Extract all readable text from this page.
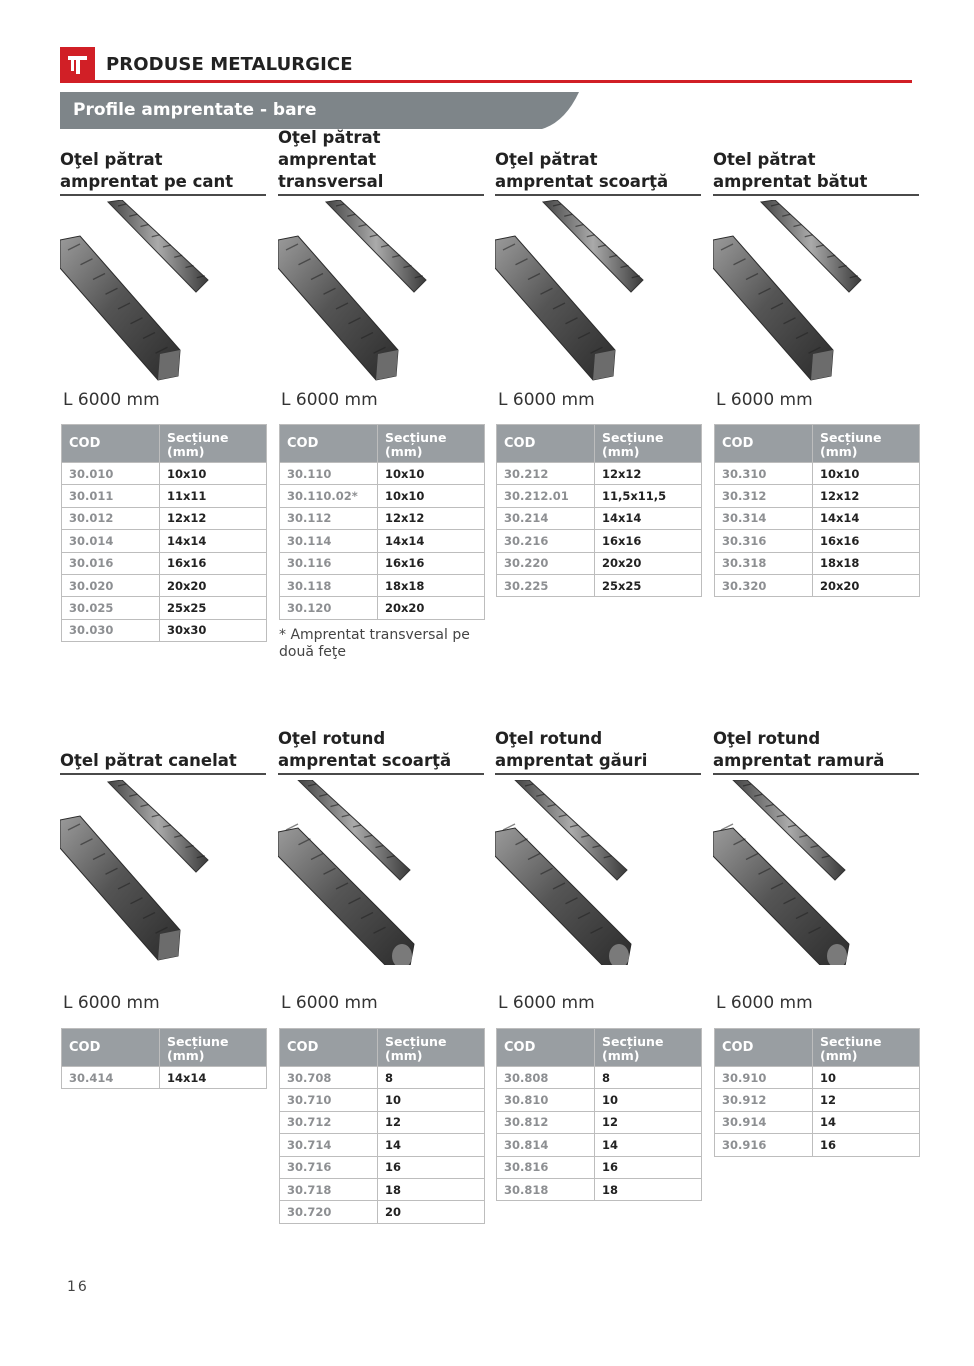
PRODUSE METALURGICE
Profile amprentate - bare
Oţel pătrat amprentat pe cant
L 6000 mm
COD	Secțiune (mm)
30.010	10x10
30.011	11x11
30.012	12x12
30.014	14x14
30.016	16x16
30.020	20x20
30.025	25x25
30.030	30x30
Oţel pătrat amprentat transversal
L 6000 mm
COD	Secțiune (mm)
30.110	10x10
30.110.02*	10x10
30.112	12x12
30.114	14x14
30.116	16x16
30.118	18x18
30.120	20x20
* Amprentat transversal pe două feţe
Oţel pătrat amprentat scoarţă
L 6000 mm
COD	Secțiune (mm)
30.212	12x12
30.212.01	11,5x11,5
30.214	14x14
30.216	16x16
30.220	20x20
30.225	25x25
Otel pătrat amprentat bătut
L 6000 mm
COD	Secțiune (mm)
30.310	10x10
30.312	12x12
30.314	14x14
30.316	16x16
30.318	18x18
30.320	20x20
Oţel pătrat canelat
L 6000 mm
COD	Secțiune (mm)
30.414	14x14
Oţel rotund amprentat scoarţă
L 6000 mm
COD	Secțiune (mm)
30.708	8
30.710	10
30.712	12
30.714	14
30.716	16
30.718	18
30.720	20
Oţel rotund amprentat găuri
L 6000 mm
COD	Secțiune (mm)
30.808	8
30.810	10
30.812	12
30.814	14
30.816	16
30.818	18
Oţel rotund amprentat ramură
L 6000 mm
COD	Secțiune (mm)
30.910	10
30.912	12
30.914	14
30.916	16
16
